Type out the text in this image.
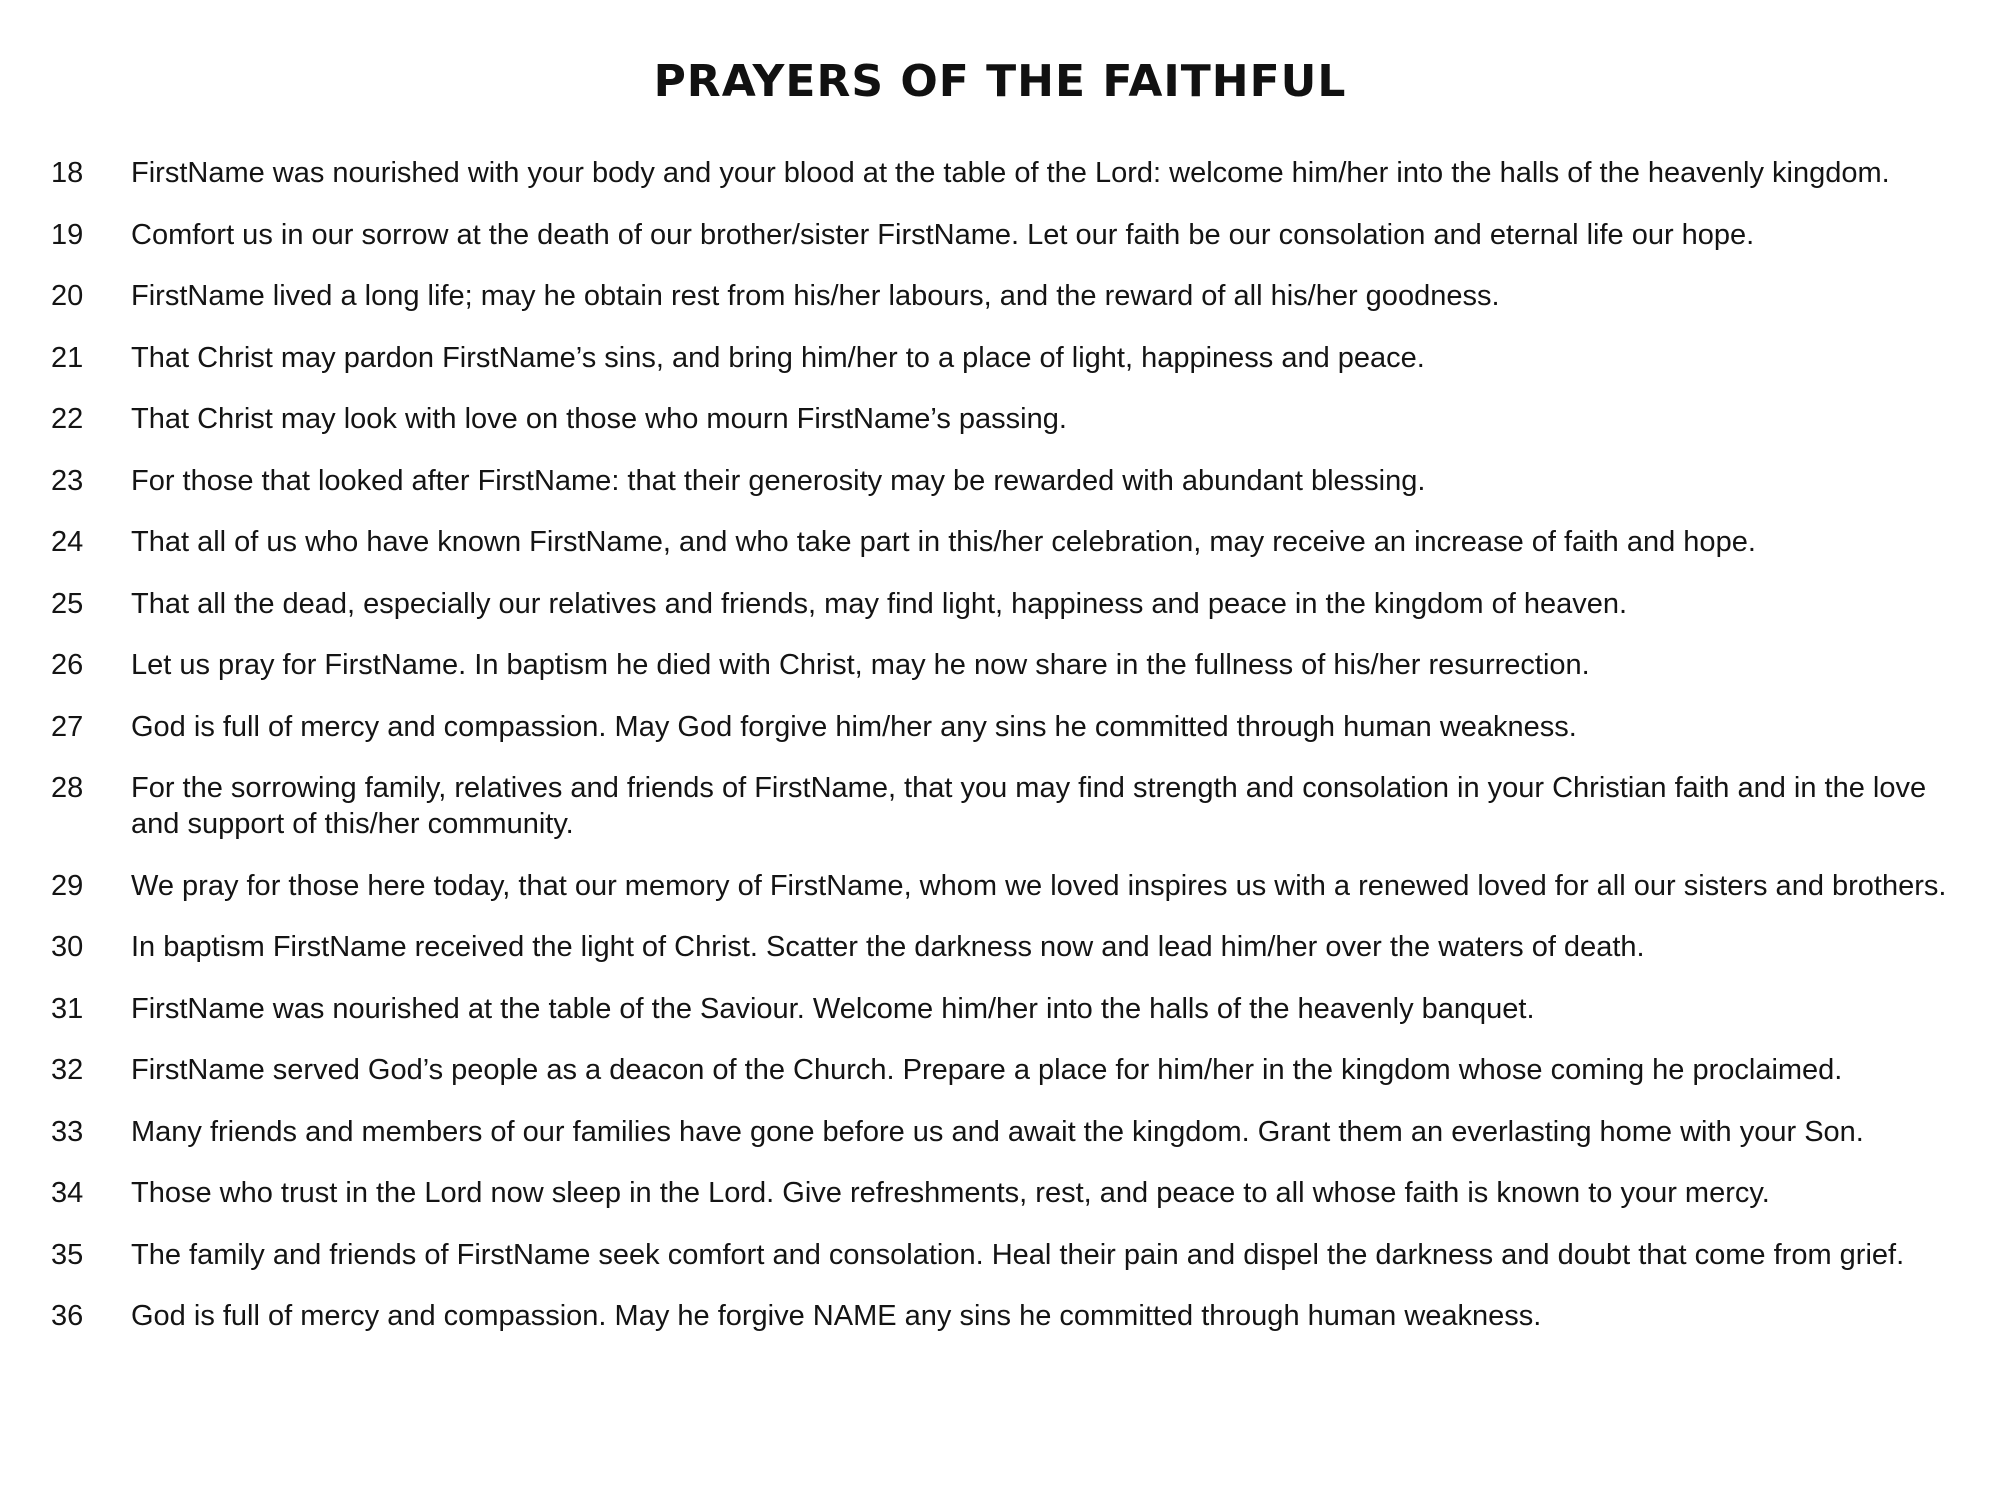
PRAYERS OF THE FAITHFUL
18	FirstName was nourished with your body and your blood at the table of the Lord: welcome him/her into the halls of the heavenly kingdom.
19	Comfort us in our sorrow at the death of our brother/sister FirstName. Let our faith be our consolation and eternal life our hope.
20	FirstName lived a long life; may he obtain rest from his/her labours, and the reward of all his/her goodness.
21	That Christ may pardon FirstName’s sins, and bring him/her to a place of light, happiness and peace.
22	That Christ may look with love on those who mourn FirstName’s passing.
23	For those that looked after FirstName: that their generosity may be rewarded with abundant blessing.
24	That all of us who have known FirstName, and who take part in this/her celebration, may receive an increase of faith and hope.
25	That all the dead, especially our relatives and friends, may find light, happiness and peace in the kingdom of heaven.
26	Let us pray for FirstName. In baptism he died with Christ, may he now share in the fullness of his/her resurrection.
27	God is full of mercy and compassion. May God forgive him/her any sins he committed through human weakness.
28	For the sorrowing family, relatives and friends of FirstName, that you may find strength and consolation in your Christian faith and in the love and support of this/her community.
29	We pray for those here today, that our memory of FirstName, whom we loved inspires us with a renewed loved for all our sisters and brothers.
30	In baptism FirstName received the light of Christ. Scatter the darkness now and lead him/her over the waters of death.
31	FirstName was nourished at the table of the Saviour. Welcome him/her into the halls of the heavenly banquet.
32	FirstName served God’s people as a deacon of the Church. Prepare a place for him/her in the kingdom whose coming he proclaimed.
33	Many friends and members of our families have gone before us and await the kingdom. Grant them an everlasting home with your Son.
34	Those who trust in the Lord now sleep in the Lord. Give refreshments, rest, and peace to all whose faith is known to your mercy.
35	The family and friends of FirstName seek comfort and consolation. Heal their pain and dispel the darkness and doubt that come from grief.
36	God is full of mercy and compassion. May he forgive NAME any sins he committed through human weakness.
